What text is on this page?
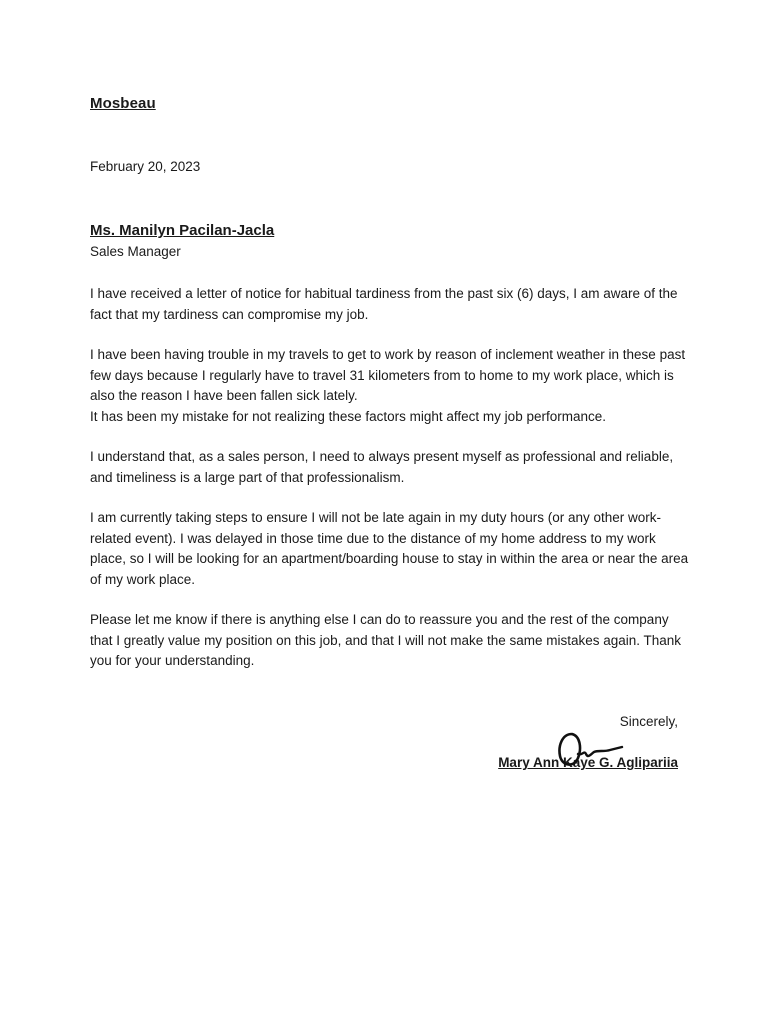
Mosbeau
February 20, 2023
Ms. Manilyn Pacilan-Jacla
Sales Manager

I have received a letter of notice for habitual tardiness from the past six (6) days, I am aware of the fact that my tardiness can compromise my job.

I have been having trouble in my travels to get to work by reason of inclement weather in these past few days because I regularly have to travel 31 kilometers from to home to my work place, which is also the reason I have been fallen sick lately.
It has been my mistake for not realizing these factors might affect my job performance.

I understand that, as a sales person, I need to always present myself as professional and reliable, and timeliness is a large part of that professionalism.

I am currently taking steps to ensure I will not be late again in my duty hours (or any other work-related event). I was delayed in those time due to the distance of my home address to my work place, so I will be looking for an apartment/boarding house to stay in within the area or near the area of my work place.

Please let me know if there is anything else I can do to reassure you and the rest of the company that I greatly value my position on this job, and that I will not make the same mistakes again. Thank you for your understanding.

Sincerely,
Mary Ann Kaye G. Aglipariia
